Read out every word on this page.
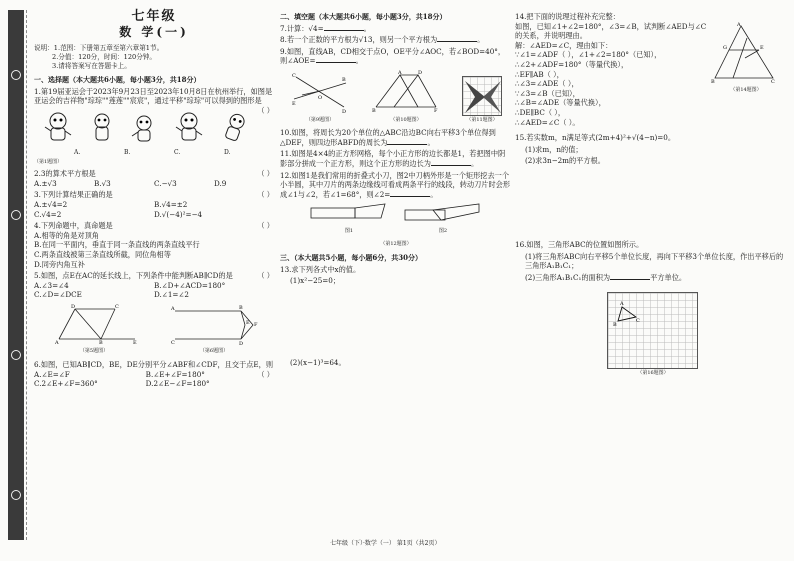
七年级
数 学(一)
说明：1.范围：下册第五章至第六章第1节。
2.分值：120分，时间：120分钟。
3.请将答案写在答题卡上。
一、选择题（本大题共6小题，每小题3分，共18分）
1.第19届亚运会于2023年9月23日至2023年10月8日在杭州举行，如图是亚运会的吉祥物"琮琮""莲莲""宸宸"，通过平移"琮琮"可以得到的图形是
（ ）
A.	B.	C.	D.
（第1题图）
2.3的算术平方根是	（ ）
A.±√3	B.√3	C.−√3	D.9
3.下列计算结果正确的是	（ ）
A.±√4=2	B.√4=±2
C.√4=2	D.√(−4)²=−4
4.下列命题中，真命题是	（ ）
A.相等的角是对顶角
B.在同一平面内，垂直于同一条直线的两条直线平行
C.两条直线被第三条直线所截，同位角相等
D.同旁内角互补
5.如图，点E在AC的延长线上，下列条件中能判断AB∥CD的是	（ ）
A.∠3=∠4	B.∠D+∠ACD=180°
C.∠D=∠DCE	D.∠1=∠2
D	C
A	B	E
（第5题图）
A	B
C	D
F
E
（第6题图）
6.如图，已知AB∥CD，BE，DE分别平分∠ABF和∠CDF，且交于点E，则
（ ）
A.∠E=∠F	B.∠E+∠F=180°
C.2∠E+∠F=360°	D.2∠E−∠F=180°
二、填空题（本大题共6小题，每小题3分，共18分）
7.计算：√4=	。
8.若一个正数的平方根为√13，则另一个平方根为	。
9.如图，直线AB，CD相交于点O，OE平分∠AOC，若∠BOD=40°，则∠AOE=	。
E
O
B
D
C
（第9题图）
A	D
B	F
（第10题图）	（第11题图）
10.如图，将周长为20个单位的△ABC沿边BC向右平移3个单位得到△DEF，则四边形ABFD的周长为	。
11.如图是4×4的正方形网格，每个小正方形的边长都是1，若把图中阴影部分拼成一个正方形，则这个正方形的边长为	。
12.如图1是我们常用的折叠式小刀，图2中刀柄外形是一个矩形挖去一个小半圆，其中刀片的两条边缘线可看成两条平行的线段，转动刀片时会形成∠1与∠2，若∠1=68°，则∠2=	。
图1	图2
（第12题图）
三、（本大题共5小题，每小题6分，共30分）
13.求下列各式中x的值。
(1)x²−25=0；
(2)(x−1)³=64。
14.把下面的说理过程补充完整：
如图，已知∠1+∠2=180°，∠3=∠B，试判断∠AED与∠C的关系，并说明理由。
解：∠AED=∠C，理由如下：
∵∠1=∠ADF（ ），∠1+∠2=180°（已知），
∴∠2+∠ADF=180°（等量代换），
∴EF∥AB（ ），
∴∠3=∠ADE（ ），
∵∠3=∠B（已知），
∴∠B=∠ADE（等量代换），
∴DE∥BC（ ），
∴∠AED=∠C（ ）。
A
B	C
G	E
（第14题图）
15.若实数m，n满足等式(2m+4)²+√(4−n)=0。
(1)求m，n的值；
(2)求3n−2m的平方根。
16.如图，三角形ABC的位置如图所示。
(1)将三角形ABC向右平移5个单位长度，再向下平移3个单位长度，作出平移后的三角形A₁B₁C₁；
(2)三角形A₁B₁C₁的面积为	平方单位。
A
B
C
（第16题图）
七年级（下）·数学（一） 第1页（共2页）
